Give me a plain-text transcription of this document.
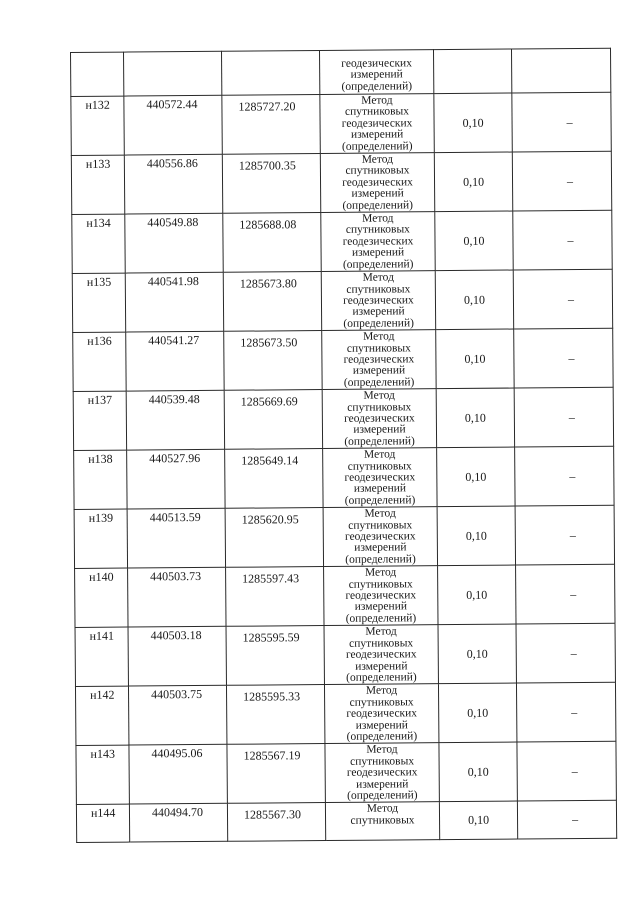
			геодезических
измерений
(определений)		

н132	440572.44	1285727.20	Метод
спутниковых
геодезических
измерений
(определений)	0,10	–
н133	440556.86	1285700.35	Метод
спутниковых
геодезических
измерений
(определений)	0,10	–
н134	440549.88	1285688.08	Метод
спутниковых
геодезических
измерений
(определений)	0,10	–
н135	440541.98	1285673.80	Метод
спутниковых
геодезических
измерений
(определений)	0,10	–
н136	440541.27	1285673.50	Метод
спутниковых
геодезических
измерений
(определений)	0,10	–
н137	440539.48	1285669.69	Метод
спутниковых
геодезических
измерений
(определений)	0,10	–
н138	440527.96	1285649.14	Метод
спутниковых
геодезических
измерений
(определений)	0,10	–
н139	440513.59	1285620.95	Метод
спутниковых
геодезических
измерений
(определений)	0,10	–
н140	440503.73	1285597.43	Метод
спутниковых
геодезических
измерений
(определений)	0,10	–
н141	440503.18	1285595.59	Метод
спутниковых
геодезических
измерений
(определений)	0,10	–
н142	440503.75	1285595.33	Метод
спутниковых
геодезических
измерений
(определений)	0,10	–
н143	440495.06	1285567.19	Метод
спутниковых
геодезических
измерений
(определений)	0,10	–
н144	440494.70	1285567.30	Метод
спутниковых	0,10	–
